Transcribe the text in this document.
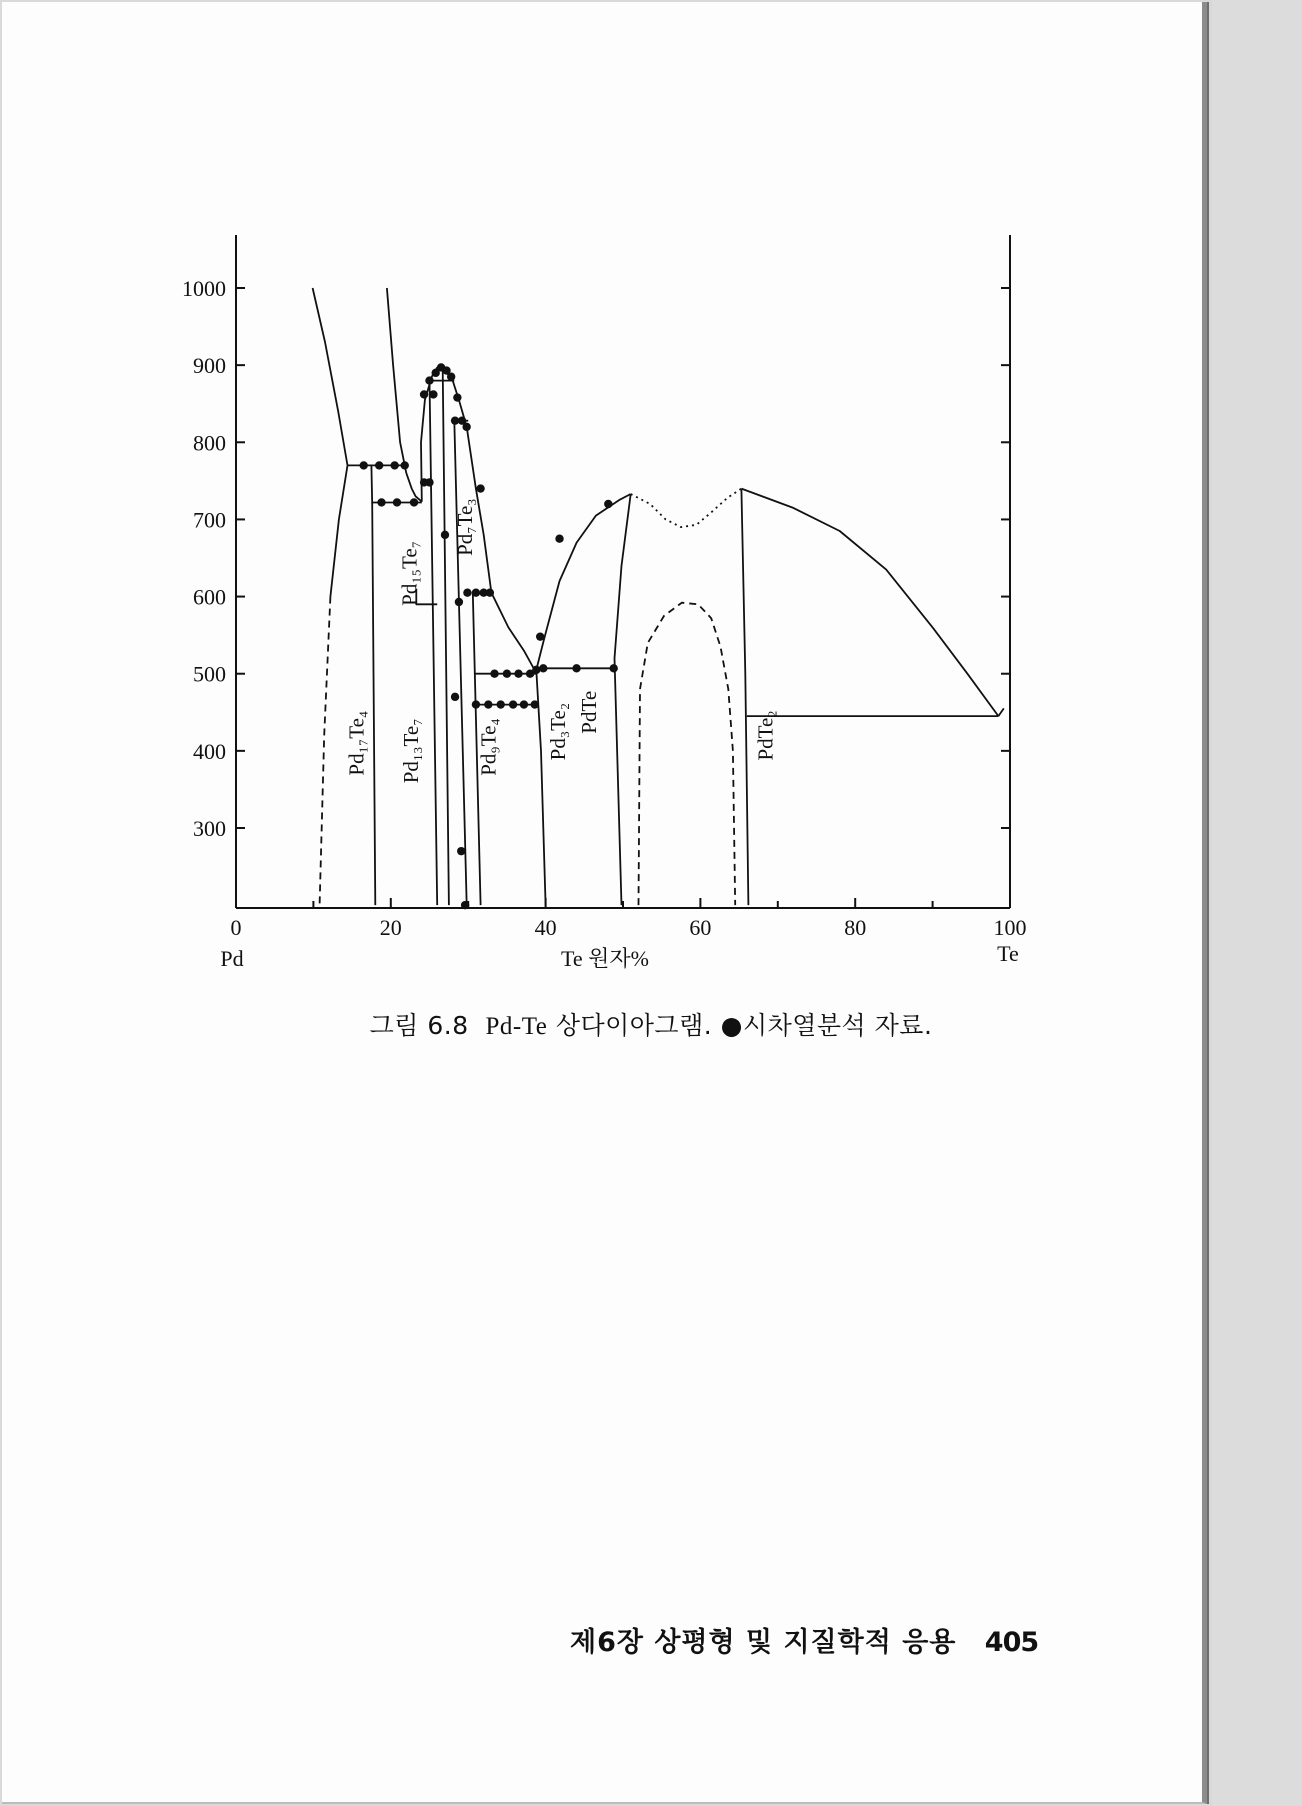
Pd₁₇Te₄ Pd₁₃Te₇
Pd₁₅Te₇
Pd₇Te₃
Pd₉Te₄ Pd₃Te₂ PdTe	PdTe₂
300
400
500
600
700
800
900
1000
0	20	40	60	80	100
Te 원자%
Pd	Te
그림 6.8 Pd-Te 상다이아그램. ●시차열분석 자료.
제6장 상평형 및 지질학적 응용 405
